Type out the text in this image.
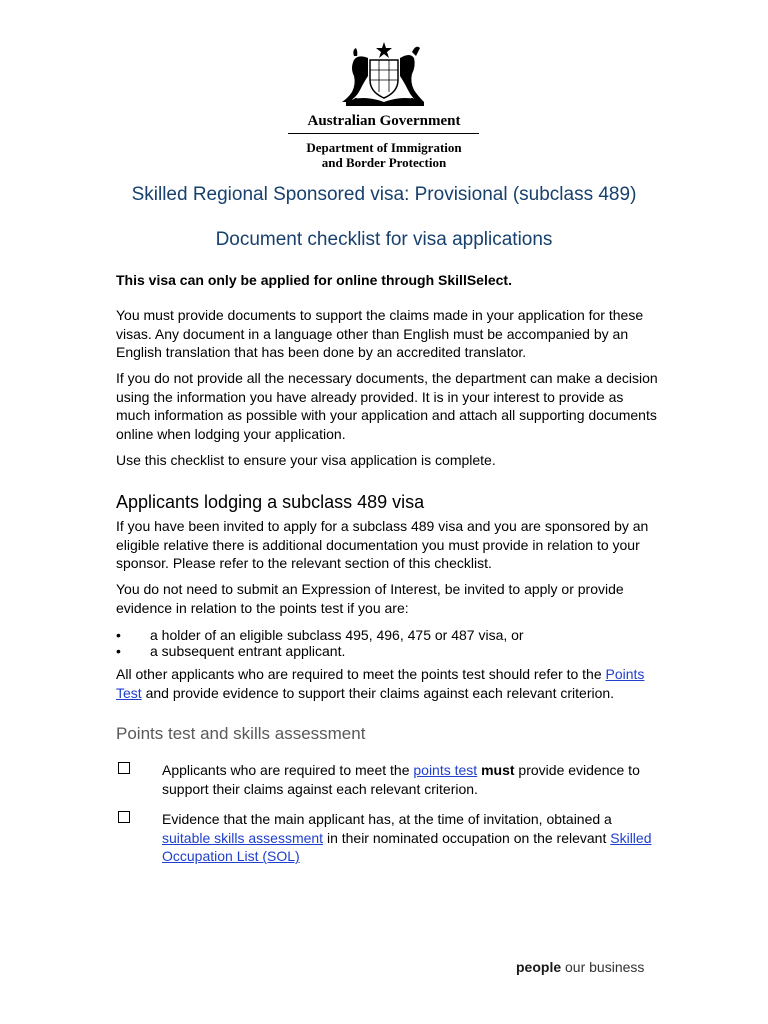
Australian Government
Department of Immigration
and Border Protection
Skilled Regional Sponsored visa: Provisional (subclass 489)
Document checklist for visa applications
This visa can only be applied for online through SkillSelect.
You must provide documents to support the claims made in your application for these visas. Any document in a language other than English must be accompanied by an English translation that has been done by an accredited translator.
If you do not provide all the necessary documents, the department can make a decision using the information you have already provided. It is in your interest to provide as much information as possible with your application and attach all supporting documents online when lodging your application.
Use this checklist to ensure your visa application is complete.
Applicants lodging a subclass 489 visa
If you have been invited to apply for a subclass 489 visa and you are sponsored by an eligible relative there is additional documentation you must provide in relation to your sponsor. Please refer to the relevant section of this checklist.
You do not need to submit an Expression of Interest, be invited to apply or provide evidence in relation to the points test if you are:
• a holder of an eligible subclass 495, 496, 475 or 487 visa, or
• a subsequent entrant applicant.
All other applicants who are required to meet the points test should refer to the Points Test and provide evidence to support their claims against each relevant criterion.
Points test and skills assessment
Applicants who are required to meet the points test must provide evidence to support their claims against each relevant criterion.
Evidence that the main applicant has, at the time of invitation, obtained a suitable skills assessment in their nominated occupation on the relevant Skilled Occupation List (SOL)
people our business
